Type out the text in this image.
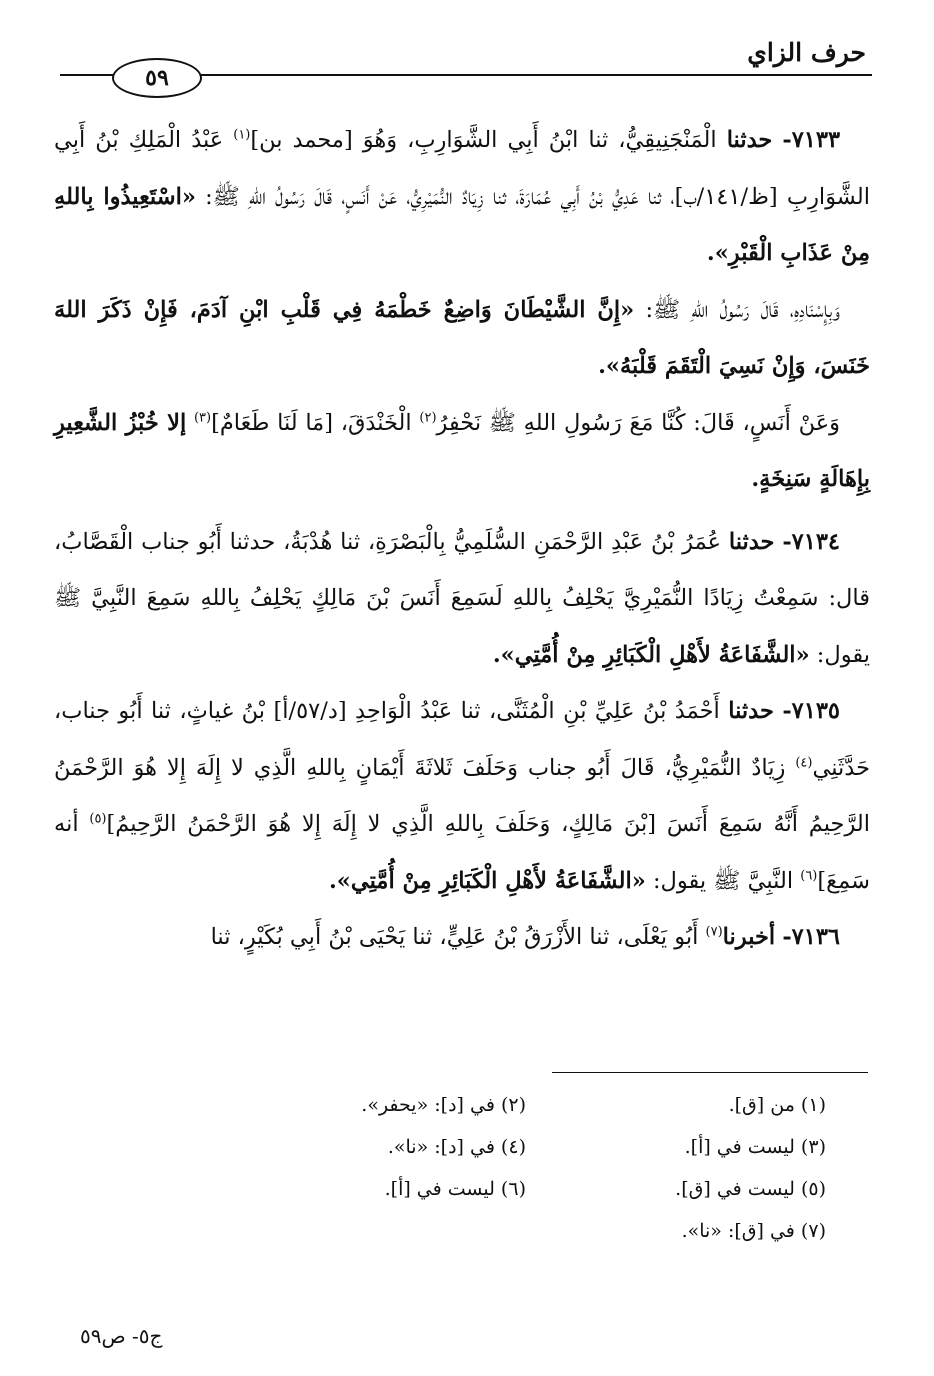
حرف الزاي
٥٩

٧١٣٣- حدثنا الْمَنْجَنِيقِيُّ، ثنا ابْنُ أَبِي الشَّوَارِبِ، وَهُوَ [محمد بن]$^{(١)}$ عَبْدُ الْمَلِكِ بْنُ أَبِي الشَّوَارِبِ [ظ/١٤١/ب]، ثنا عَدِيُّ بْنُ أَبِي عُمَارَةَ، ثنا زِيَادٌ النُّمَيْرِيُّ، عَنْ أَنَسٍ، قَالَ رَسُولُ اللهِ ﷺ: «اسْتَعِيذُوا بِاللهِ مِنْ عَذَابِ الْقَبْرِ».

وَبِإِسْنَادِهِ، قَالَ رَسُولُ اللهِ ﷺ: «إِنَّ الشَّيْطَانَ وَاضِعٌ خَطْمَهُ فِي قَلْبِ ابْنِ آدَمَ، فَإِنْ ذَكَرَ اللهَ خَنَسَ، وَإِنْ نَسِيَ الْتَقَمَ قَلْبَهُ».

وَعَنْ أَنَسٍ، قَالَ: كُنَّا مَعَ رَسُولِ اللهِ ﷺ نَحْفِرُ$^{(٢)}$ الْخَنْدَقَ، [مَا لَنَا طَعَامٌ]$^{(٣)}$ إلا خُبْزُ الشَّعِيرِ بِإِهَالَةٍ سَنِخَةٍ.

٧١٣٤- حدثنا عُمَرُ بْنُ عَبْدِ الرَّحْمَنِ السُّلَمِيُّ بِالْبَصْرَةِ، ثنا هُدْبَةُ، حدثنا أَبُو جناب الْقَصَّابُ، قال: سَمِعْتُ زِيَادًا النُّمَيْرِيَّ يَحْلِفُ بِاللهِ لَسَمِعَ أَنَسَ بْنَ مَالِكٍ يَحْلِفُ بِاللهِ سَمِعَ النَّبِيَّ ﷺ يقول: «الشَّفَاعَةُ لأَهْلِ الْكَبَائِرِ مِنْ أُمَّتِي».

٧١٣٥- حدثنا أَحْمَدُ بْنُ عَلِيِّ بْنِ الْمُثَنَّى، ثنا عَبْدُ الْوَاحِدِ [د/٥٧/أ] بْنُ غياثٍ، ثنا أَبُو جناب، حَدَّثَنِي$^{(٤)}$ زِيَادٌ النُّمَيْرِيُّ، قَالَ أَبُو جناب وَحَلَفَ ثَلاثَةَ أَيْمَانٍ بِاللهِ الَّذِي لا إِلَهَ إِلا هُوَ الرَّحْمَنُ الرَّحِيمُ أَنَّهُ سَمِعَ أَنَسَ [بْنَ مَالِكٍ، وَحَلَفَ بِاللهِ الَّذِي لا إِلَهَ إِلا هُوَ الرَّحْمَنُ الرَّحِيمُ]$^{(٥)}$ أنه سَمِعَ]$^{(٦)}$ النَّبِيَّ ﷺ يقول: «الشَّفَاعَةُ لأَهْلِ الْكَبَائِرِ مِنْ أُمَّتِي».

٧١٣٦- أخبرنا$^{(٧)}$ أَبُو يَعْلَى، ثنا الأَزْرَقُ بْنُ عَلِيٍّ، ثنا يَحْيَى بْنُ أَبِي بُكَيْرٍ، ثنا

(١) من [ق].
(٢) في [د]: «يحفر».
(٣) ليست في [أ].
(٤) في [د]: «نا».
(٥) ليست في [ق].
(٦) ليست في [أ].
(٧) في [ق]: «نا».
ج٥- ص٥٩
